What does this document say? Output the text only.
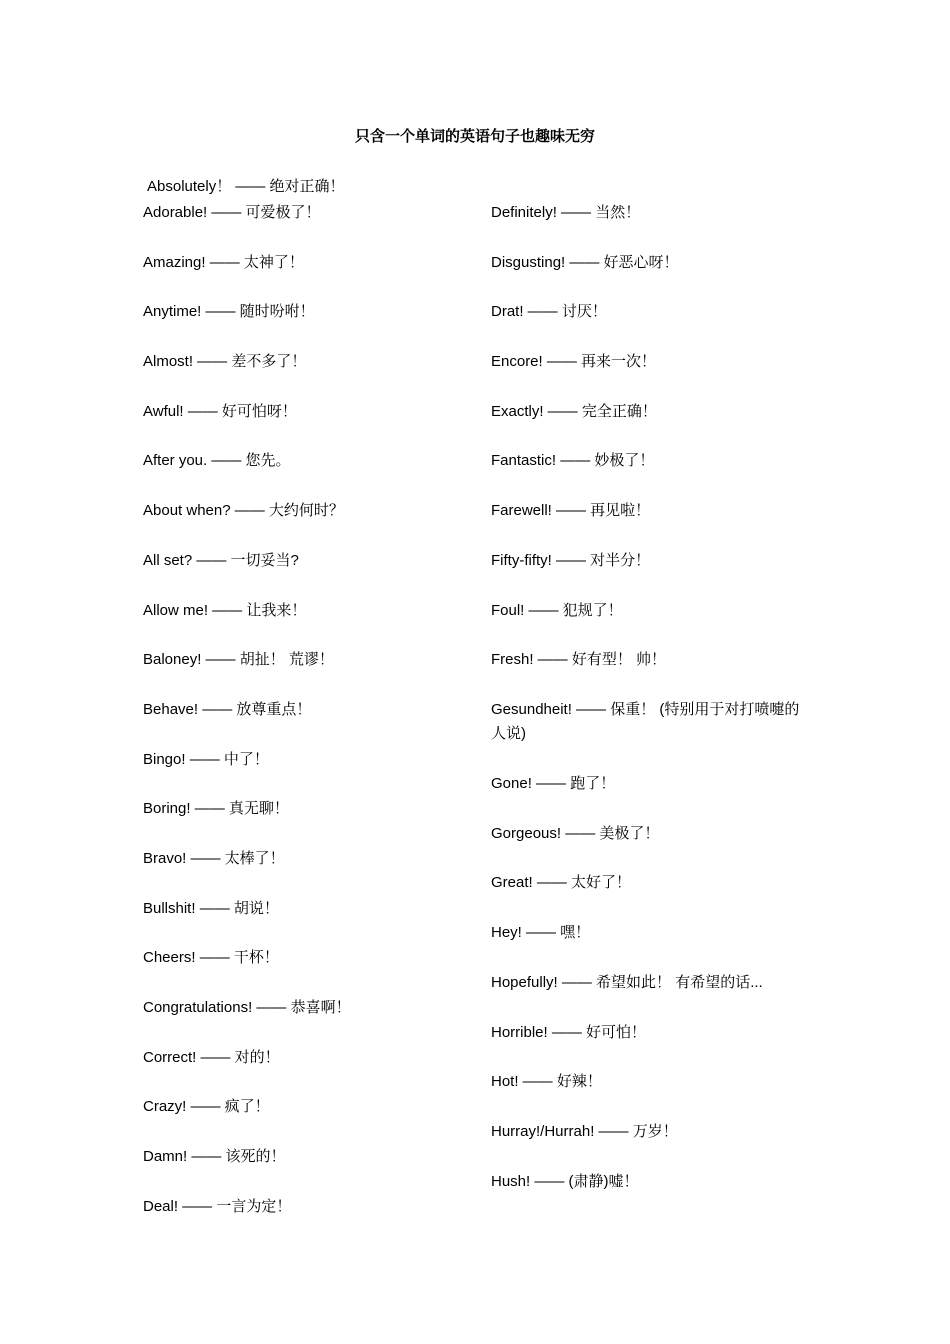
只含一个单词的英语句子也趣味无穷
Absolutely！ —— 绝对正确！
Adorable! —— 可爱极了！
Amazing! —— 太神了！
Anytime! —— 随时吩咐！
Almost! —— 差不多了！
Awful! —— 好可怕呀！
After you. —— 您先。
About when? —— 大约何时？
All set? —— 一切妥当?
Allow me! —— 让我来！
Baloney! —— 胡扯！ 荒谬！
Behave! —— 放尊重点！
Bingo! —— 中了！
Boring! —— 真无聊！
Bravo! —— 太棒了！
Bullshit! —— 胡说！
Cheers! —— 干杯！
Congratulations! —— 恭喜啊！
Correct! —— 对的！
Crazy! —— 疯了！
Damn! —— 该死的！
Deal! —— 一言为定！
Definitely! —— 当然！
Disgusting! —— 好恶心呀！
Drat! —— 讨厌！
Encore! —— 再来一次！
Exactly! —— 完全正确！
Fantastic! —— 妙极了！
Farewell! —— 再见啦！
Fifty-fifty! —— 对半分！
Foul! —— 犯规了！
Fresh! —— 好有型！ 帅！
Gesundheit! —— 保重！ (特别用于对打喷嚏的人说)
Gone! —— 跑了！
Gorgeous! —— 美极了！
Great! —— 太好了！
Hey! —— 嘿！
Hopefully! —— 希望如此！ 有希望的话...
Horrible! —— 好可怕！
Hot! —— 好辣！
Hurray!/Hurrah! —— 万岁！
Hush! —— (肃静)嘘！
